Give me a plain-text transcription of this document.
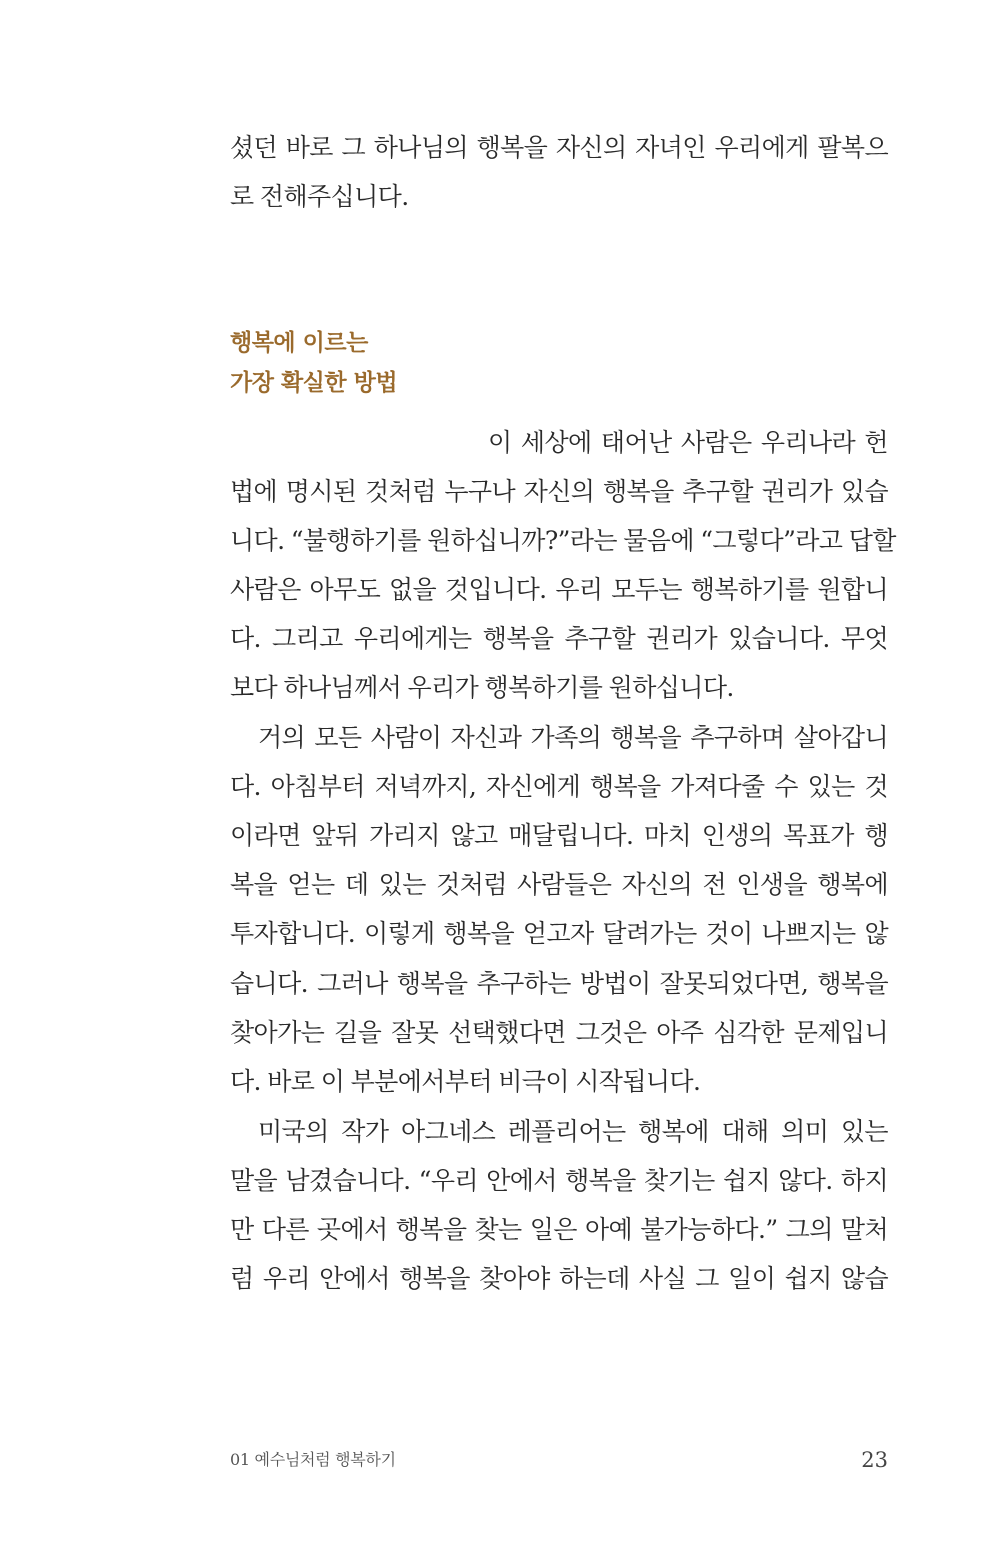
셨던 바로 그 하나님의 행복을 자신의 자녀인 우리에게 팔복으
로 전해주십니다.
행복에 이르는
가장 확실한 방법
이 세상에 태어난 사람은 우리나라 헌
법에 명시된 것처럼 누구나 자신의 행복을 추구할 권리가 있습
니다. “불행하기를 원하십니까?”라는 물음에 “그렇다”라고 답할
사람은 아무도 없을 것입니다. 우리 모두는 행복하기를 원합니
다. 그리고 우리에게는 행복을 추구할 권리가 있습니다. 무엇
보다 하나님께서 우리가 행복하기를 원하십니다.
거의 모든 사람이 자신과 가족의 행복을 추구하며 살아갑니
다. 아침부터 저녁까지, 자신에게 행복을 가져다줄 수 있는 것
이라면 앞뒤 가리지 않고 매달립니다. 마치 인생의 목표가 행
복을 얻는 데 있는 것처럼 사람들은 자신의 전 인생을 행복에
투자합니다. 이렇게 행복을 얻고자 달려가는 것이 나쁘지는 않
습니다. 그러나 행복을 추구하는 방법이 잘못되었다면, 행복을
찾아가는 길을 잘못 선택했다면 그것은 아주 심각한 문제입니
다. 바로 이 부분에서부터 비극이 시작됩니다.
미국의 작가 아그네스 레플리어는 행복에 대해 의미 있는
말을 남겼습니다. “우리 안에서 행복을 찾기는 쉽지 않다. 하지
만 다른 곳에서 행복을 찾는 일은 아예 불가능하다.” 그의 말처
럼 우리 안에서 행복을 찾아야 하는데 사실 그 일이 쉽지 않습
01 예수님처럼 행복하기	23
